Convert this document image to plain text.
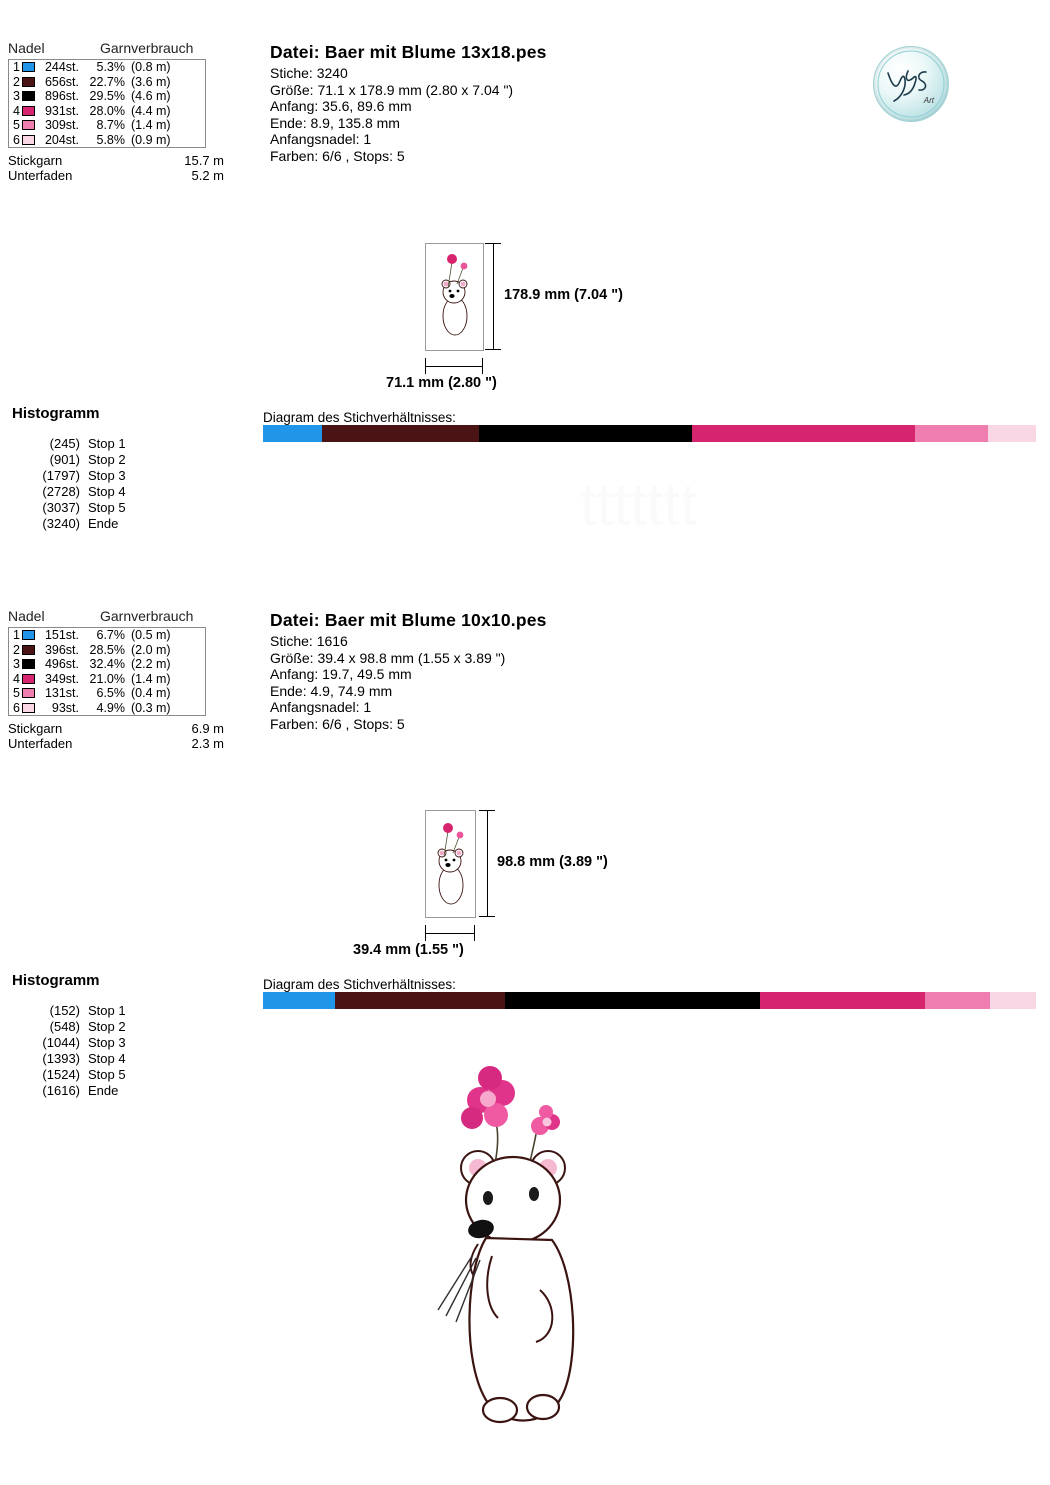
Nadel	Garnverbrauch
1	244st.	5.3% (0.8 m)
2	656st. 22.7% (3.6 m)
3	896st. 29.5% (4.6 m)
4	931st. 28.0% (4.4 m)
5	309st.	8.7% (1.4 m)
6	204st.	5.8% (0.9 m)
Stickgarn	15.7 m
Unterfaden	5.2 m
Datei: Baer mit Blume 13x18.pes
Stiche: 3240
Größe: 71.1 x 178.9 mm (2.80 x 7.04 ")
Anfang: 35.6, 89.6 mm
Ende: 8.9, 135.8 mm
Anfangsnadel: 1
Farben: 6/6 , Stops: 5
Art
178.9 mm (7.04 ")
71.1 mm (2.80 ")
Histogramm
(245) Stop 1
(901) Stop 2
(1797) Stop 3
(2728) Stop 4
(3037) Stop 5
(3240) Ende
Diagram des Stichverhältnisses:
Nadel	Garnverbrauch
1	151st.	6.7% (0.5 m)
2	396st. 28.5% (2.0 m)
3	496st. 32.4% (2.2 m)
4	349st. 21.0% (1.4 m)
5	131st.	6.5% (0.4 m)
6	93st.	4.9% (0.3 m)
Stickgarn	6.9 m
Unterfaden	2.3 m
Datei: Baer mit Blume 10x10.pes
Stiche: 1616
Größe: 39.4 x 98.8 mm (1.55 x 3.89 ")
Anfang: 19.7, 49.5 mm
Ende: 4.9, 74.9 mm
Anfangsnadel: 1
Farben: 6/6 , Stops: 5
98.8 mm (3.89 ")
39.4 mm (1.55 ")
Histogramm
(152) Stop 1
(548) Stop 2
(1044) Stop 3
(1393) Stop 4
(1524) Stop 5
(1616) Ende
Diagram des Stichverhältnisses:
